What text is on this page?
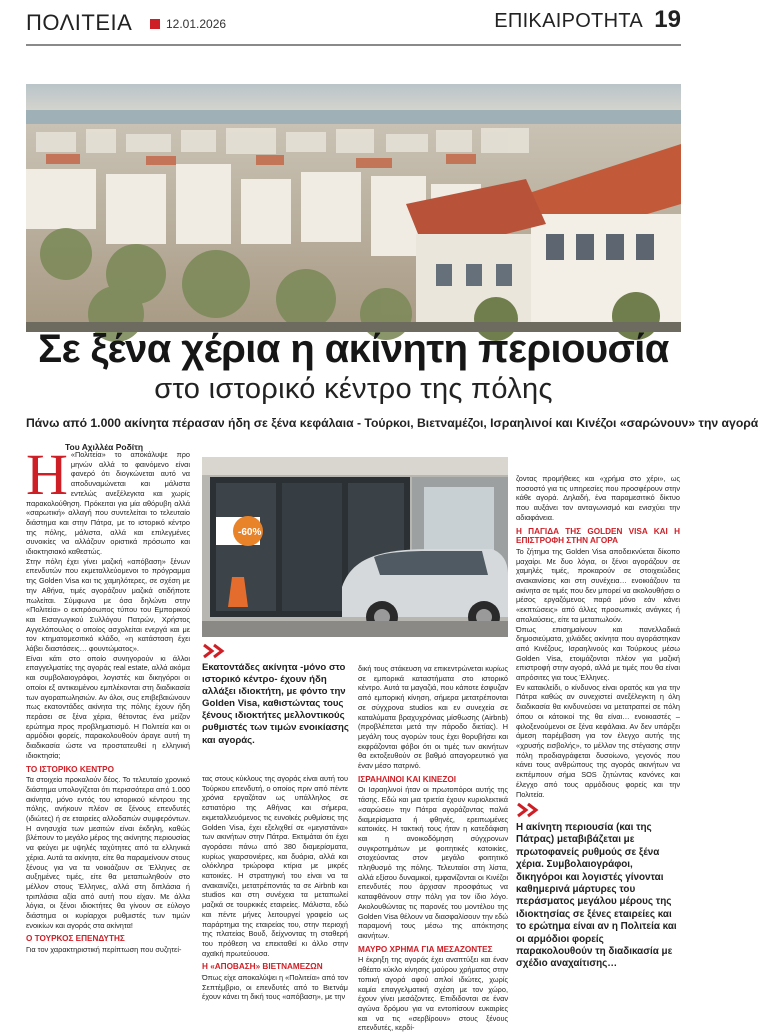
ΠΟΛΙΤΕΙΑ	12.01.2026	ΕΠΙΚΑΙΡΟΤΗΤΑ 19
Σε ξένα χέρια η ακίνητη περιουσία
στο ιστορικό κέντρο της πόλης
Πάνω από 1.000 ακίνητα πέρασαν ήδη σε ξένα κεφάλαια - Τούρκοι, Βιετναμέζοι, Ισραηλινοί και Κινέζοι «σαρώνουν» την αγορά
Του Αχιλλέα Ροδίτη
Η «Πολιτεία» το αποκάλυψε προ μηνών αλλά το φαινόμενο είναι φανερό ότι διογκώνεται αυτό να αποδυναμώνεται και μάλιστα εντελώς ανεξέλεγκτα και χωρίς παρακολούθηση. Πρόκειται για μία αθόρυβη αλλά «σαρωτική» αλλαγή που συντελείται το τελευταίο διάστημα και στην Πάτρα, με το ιστορικό κέντρο της πόλης, μάλιστα, αλλά και επιλεγμένες συνοικίες να αλλάζουν οριστικά πρόσωπο και ιδιοκτησιακό καθεστώς.

Στην πόλη έχει γίνει μαζική «απόβαση» ξένων επενδυτών που εκμεταλλεύομενοι το πρόγραμμα της Golden Visa και τις χαμηλότερες, σε σχέση με την Αθήνα, τιμές αγοράζουν μαζικά οτιδήποτε πωλείται. Σύμφωνα με όσα δηλώνει στην «Πολιτεία» ο εκπρόσωπος τύπου του Εμπορικού και Εισαγωγικού Συλλόγου Πατρών, Χρήστος Αγγελόπουλος ο οποίος ασχολείται ενεργά και με τον κτηματομεσιτικό κλάδο, «η κατάσταση έχει λάβει διαστάσεις… φουντώματος».

Είναι κάτι στο οποίο συνηγορούν κι άλλοι επαγγελματίες της αγοράς real estate, αλλά ακόμα και συμβολαιογράφοι, λογιστές και δικηγόροι οι οποίοι εξ αντικειμένου εμπλέκονται στη διαδικασία των αγοραπωλησιών. Αν όλοι, συς επιβεβαιώνουν πως εκατοντάδες ακίνητα της πόλης έχουν ήδη περάσει σε ξένα χέρια, θέτοντας ένα μείζον ερώτημα προς προβληματισμό. Η Πολιτεία και οι αρμόδιοι φορείς, παρακολουθούν άραγε αυτή τη διαδικασία ώστε να προστατευθεί η ελληνική ιδιοκτησία;

ΤΟ ΙΣΤΟΡΙΚΟ ΚΕΝΤΡΟ

Τα στοιχεία προκαλούν δέος. Το τελευταίο χρονικό διάστημα υπολογίζεται ότι περισσότερα από 1.000 ακίνητα, μόνο εντός του ιστορικού κέντρου της πόλης, ανήκουν πλέον σε ξένους επενδυτές (ιδιώτες) ή σε εταιρείες αλλοδαπών συμφερόντων. Η ανησυχία των μεσιτών είναι έκδηλη, καθώς βλέπουν το μεγάλο μέρος της ακίνητης περιουσίας να φεύγει με υψηλές ταχύτητες από τα ελληνικά χέρια. Αυτά τα ακίνητα, είτε θα παραμείνουν στους ξένους για να τα νοικιάζουν σε Έλληνες σε αυξημένες τιμές, είτε θα μεταπωληθούν στο μέλλον στους Έλληνες, αλλά στη διπλάσια ή τριπλάσια αξία από αυτή που είχαν. Με άλλα λόγια, οι ξένοι ιδιοκτήτες θα γίνουν σε εύλογο διάστημα οι κυρίαρχοι ρυθμιστές των τιμών ενοικίων και αγοράς στα ακίνητα!

Ο ΤΟΥΡΚΟΣ ΕΠΕΝΔΥΤΗΣ

Για τον χαρακτηριστική περίπτωση που συζητεί-

-60%
Εκατοντάδες ακίνητα -μόνο στο ιστορικό κέντρο- έχουν ήδη αλλάξει ιδιοκτήτη, με φόντο την Golden Visa, καθιστώντας τους ξένους ιδιοκτήτες μελλοντικούς ρυθμιστές των τιμών ενοικίασης και αγοράς.

τας στους κύκλους της αγοράς είναι αυτή του Τούρκου επενδυτή, ο οποίος πριν από πέντε χρόνια εργαζόταν ως υπάλληλος σε εστιατόριο της Αθήνας και σήμερα, εκμεταλλευόμενος τις ευνοϊκές ρυθμίσεις της Golden Visa, έχει εξελιχθεί σε «μεγιστάνα» των ακινήτων στην Πάτρα. Εκτιμάται ότι έχει αγοράσει πάνω από 380 διαμερίσματα, κυρίως γκαρσονιέρες, και δυάρια, αλλά και ολόκληρα τριώροφα κτίρια με μικρές κατοικίες. Η στρατηγική του είναι να τα ανακαινίζει, μετατρέποντάς τα σε Airbnb και studios και στη συνέχεια τα μεταπωλεί μαζικά σε τουρκικές εταιρείες. Μάλιστα, εδώ και πέντε μήνες λειτουργεί γραφείο ως παράρτημα της εταιρείας του, στην περιοχή της πλατείας Βουδ, δείχνοντας τη σταθερή του πρόθεση να επεκταθεί κι άλλο στην αχαϊκή πρωτεύουσα.

Η «ΑΠΟΒΑΣΗ» ΒΙΕΤΝΑΜΕΖΩΝ

Όπως είχε αποκαλύψει η «Πολιτεία» από τον Σεπτέμβριο, οι επενδυτές από το Βιετνάμ έχουν κάνει τη δική τους «απόβαση», με την

δική τους στάκευση να επικεντρώνεται κυρίως σε εμπορικά καταστήματα στο ιστορικό κέντρο. Αυτά τα μαγαζιά, που κάποτε έσφυζαν από εμπορική κίνηση, σήμερα μετατρέπονται σε σύγχρονα studios και εν συνεχεία σε καταλύματα βραχυχρόνιας μίσθωσης (Airbnb) (προβλέπεται μετά την πάροδο διετίας). Η μεγάλη τους αγορών τους έχει θορυβήσει και εκφράζονται φόβοι ότι οι τιμές των ακινήτων θα εκτοξευθούν σε βαθμό απαγορευτικό για έναν μέσο πατρινό.

ΙΣΡΑΗΛΙΝΟΙ ΚΑΙ ΚΙΝΕΖΟΙ

Οι Ισραηλινοί ήταν οι πρωτοπόροι αυτής της τάσης. Εδώ και μια τριετία έχουν κυριολεκτικά «σαρώσει» την Πάτρα αγοράζοντας παλιά διαμερίσματα ή φθηνές, ερειπωμένες κατοικίες. Η τακτική τους ήταν η κατεδάφιση και η ανοικοδόμηση σύγχρονων συγκροτημάτων με φοιτητικές κατοικίες, στοχεύοντας στον μεγάλο φοιτητικό πληθυσμό της πόλης. Τελευταίοι στη λίστα, αλλά εξίσου δυναμικοί, εμφανίζονται οι Κινέζοι επενδυτές που άρχισαν προσφάτως να καταφθάνουν στην πόλη για τον ίδιο λόγο. Ακολουθώντας τις παρονές του μοντέλου της Golden Visa θέλουν να διασφαλίσουν την εδώ παραμονή τους μέσω της απόκτησης ακινήτων.

ΜΑΥΡΟ ΧΡΗΜΑ ΓΙΑ ΜΕΣΑΖΟΝΤΕΣ

Η έκρηξη της αγοράς έχει αναπτύξει και έναν αθέατο κύκλο κίνησης μαύρου χρήματος στην τοπική αγορά αφού απλοί ιδιώτες, χωρίς καμία επαγγελματική σχέση με τον χώρο, έχουν γίνει μεσάζοντες. Επιδιδονται σε έναν αγώνα δρόμου για να εντοπίσουν ευκαιρίες και να τις «σερβίρουν» στους ξένους επενδυτές, κερδί-

ζοντας προμήθειες και «χρήμα στο χέρι», ως ποσοστό για τις υπηρεσίες που προσφέρουν στην κάθε αγορά. Δηλαδή, ένα παραμεσιτικό δίκτυο που αυξάνει τον ανταγωνισμό και ενισχύει την αδιαφάνεια.

Η ΠΑΓΙΔΑ ΤΗΣ GOLDEN VISA ΚΑΙ Η ΕΠΙΣΤΡΟΦΗ ΣΤΗΝ ΑΓΟΡΑ

Το ζήτημα της Golden Visa αποδεικνύεται δίκοπο μαχαίρι. Με δυο λόγια, οι ξένοι αγοράζουν σε χαμηλές τιμές, προκαρούν σε στοιχειώδεις ανακαινίσεις και στη συνέχεια… ενοικιάζουν τα ακίνητα σε τιμές που δεν μπορεί να ακολουθήσει ο μέσος εργαζόμενος παρά μόνο εάν κάνει «εκπτώσεις» από άλλες προσωπικές ανάγκες ή απολαύσεις, είτε τα μεταπωλούν.

Όπως επισημαίνουν και πανελλαδικά δημοσιεύματα, χιλιάδες ακίνητα που αγοράστηκαν από Κινέζους, Ισραηλινούς και Τούρκους μέσω Golden Visa, ετοιμάζονται πλέον για μαζική επιστροφή στην αγορά, αλλά με τιμές που θα είναι απρόσιτες για τους Έλληνες.

Εν κατακλείδι, ο κίνδυνος είναι ορατός και για την Πάτρα καθώς αν συνεχιστεί ανεξέλεγκτη η όλη διαδικασία θα κινδυνεύσει να μετατραπεί σε πόλη όπου οι κάτοικοί της θα είναι… ενοικιαστές – φιλοξενούμενοι σε ξένα κεφάλαια. Αν δεν υπάρξει άμεση παρέμβαση για τον έλεγχο αυτής της «χρυσής εισβολής», το μέλλον της στέγασης στην πόλη προδιαγράφεται δυσοίωνο, γεγονός που κάνει τους ανθρώπους της αγοράς ακινήτων να εκπέμπουν σήμα SOS ζητώντας κανόνες και έλεγχο από τους αρμόδιους φορείς και την Πολιτεία.

Η ακίνητη περιουσία (και της Πάτρας) μεταβιβάζεται με πρωτοφανείς ρυθμούς σε ξένα χέρια. Συμβολαιογράφοι, δικηγόροι και λογιστές γίνονται καθημερινά μάρτυρες του περάσματος μεγάλου μέρους της ιδιοκτησίας σε ξένες εταιρείες και το ερώτημα είναι αν η Πολιτεία και οι αρμόδιοι φορείς παρακολουθούν τη διαδικασία με σχέδιο αναχαίτισης…
